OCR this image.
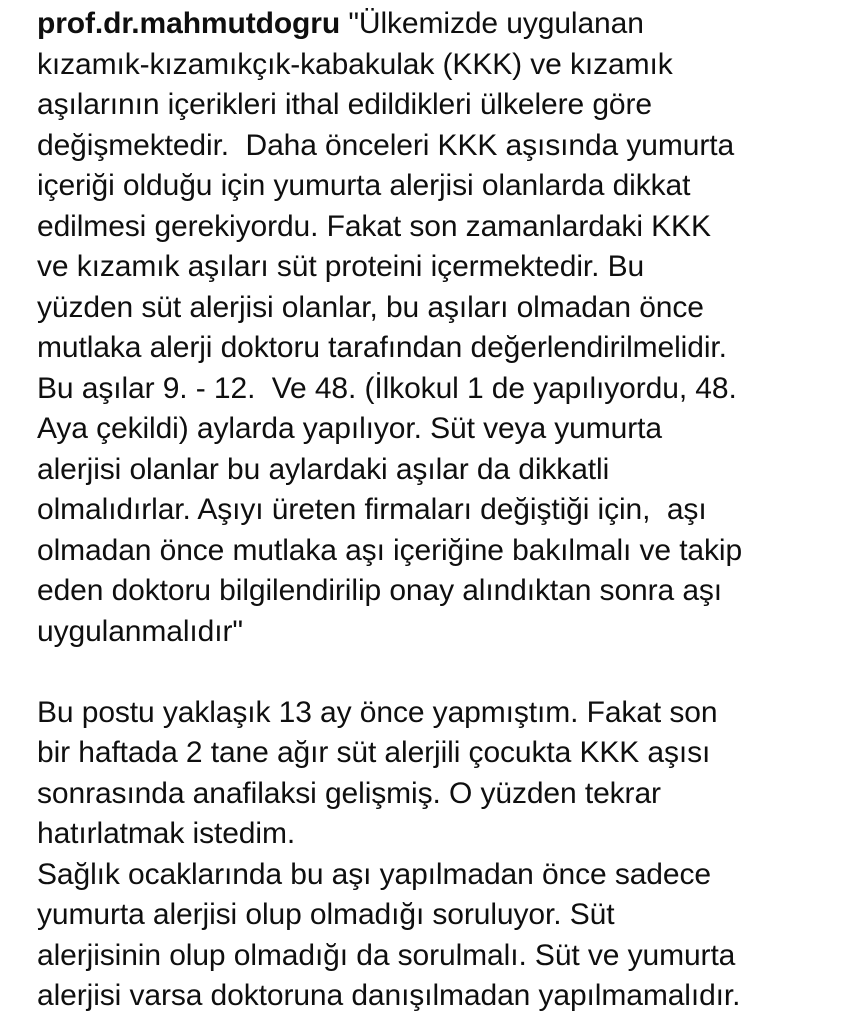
prof.dr.mahmutdogru "Ülkemizde uygulanan
kızamık-kızamıkçık-kabakulak (KKK) ve kızamık
aşılarının içerikleri ithal edildikleri ülkelere göre
değişmektedir.  Daha önceleri KKK aşısında yumurta
içeriği olduğu için yumurta alerjisi olanlarda dikkat
edilmesi gerekiyordu. Fakat son zamanlardaki KKK
ve kızamık aşıları süt proteini içermektedir. Bu
yüzden süt alerjisi olanlar, bu aşıları olmadan önce
mutlaka alerji doktoru tarafından değerlendirilmelidir.
Bu aşılar 9. - 12.  Ve 48. (İlkokul 1 de yapılıyordu, 48.
Aya çekildi) aylarda yapılıyor. Süt veya yumurta
alerjisi olanlar bu aylardaki aşılar da dikkatli
olmalıdırlar. Aşıyı üreten firmaları değiştiği için,  aşı
olmadan önce mutlaka aşı içeriğine bakılmalı ve takip
eden doktoru bilgilendirilip onay alındıktan sonra aşı
uygulanmalıdır"

Bu postu yaklaşık 13 ay önce yapmıştım. Fakat son
bir haftada 2 tane ağır süt alerjili çocukta KKK aşısı
sonrasında anafilaksi gelişmiş. O yüzden tekrar
hatırlatmak istedim.

Sağlık ocaklarında bu aşı yapılmadan önce sadece
yumurta alerjisi olup olmadığı soruluyor. Süt
alerjisinin olup olmadığı da sorulmalı. Süt ve yumurta
alerjisi varsa doktoruna danışılmadan yapılmamalıdır.
